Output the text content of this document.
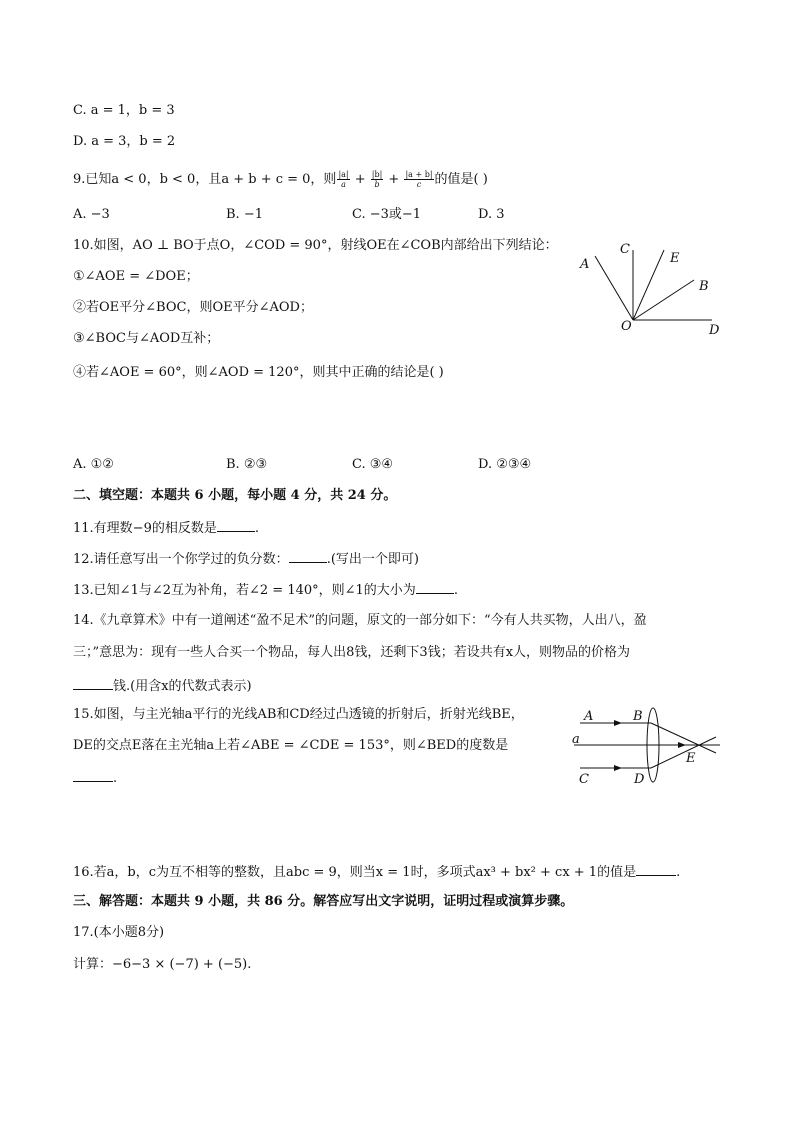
C. a = 1，b = 3
D. a = 3，b = 2
9.已知a < 0，b < 0，且a + b + c = 0，则 $\frac{|a|}{a} + \frac{|b|}{b} + \frac{|a + b|}{c}$ 的值是( )
A. −3	B. −1	C. −3或−1	D. 3
10.如图，AO ⊥ BO于点O，∠COD = 90°，射线OE在∠COB内部给出下列结论：
①∠AOE = ∠DOE；
②若OE平分∠BOC，则OE平分∠AOD；
③∠BOC与∠AOD互补；
④若∠AOE = 60°，则∠AOD = 120°，则其中正确的结论是( )
A
C
E
B
O	D
A. ①②	B. ②③	C. ③④	D. ②③④
二、填空题：本题共 6 小题，每小题 4 分，共 24 分。
11.有理数−9的相反数是	.
12.请任意写出一个你学过的负分数：	.(写出一个即可)
13.已知∠1与∠2互为补角，若∠2 = 140°，则∠1的大小为	.
14.《九章算术》中有一道阐述“盈不足术”的问题，原文的一部分如下：“今有人共买物，人出八，盈
三；”意思为：现有一些人合买一个物品，每人出8钱，还剩下3钱；若设共有x人，则物品的价格为
钱.(用含x的代数式表示)
15.如图，与主光轴a平行的光线AB和CD经过凸透镜的折射后，折射光线BE，
DE的交点E落在主光轴a上若∠ABE = ∠CDE = 153°，则∠BED的度数是
.
A	B
a
E
C	D
16.若a，b，c为互不相等的整数，且abc = 9，则当x = 1时，多项式ax³ + bx² + cx + 1的值是	.
三、解答题：本题共 9 小题，共 86 分。解答应写出文字说明，证明过程或演算步骤。
17.(本小题8分)
计算：−6−3 × (−7) + (−5).
